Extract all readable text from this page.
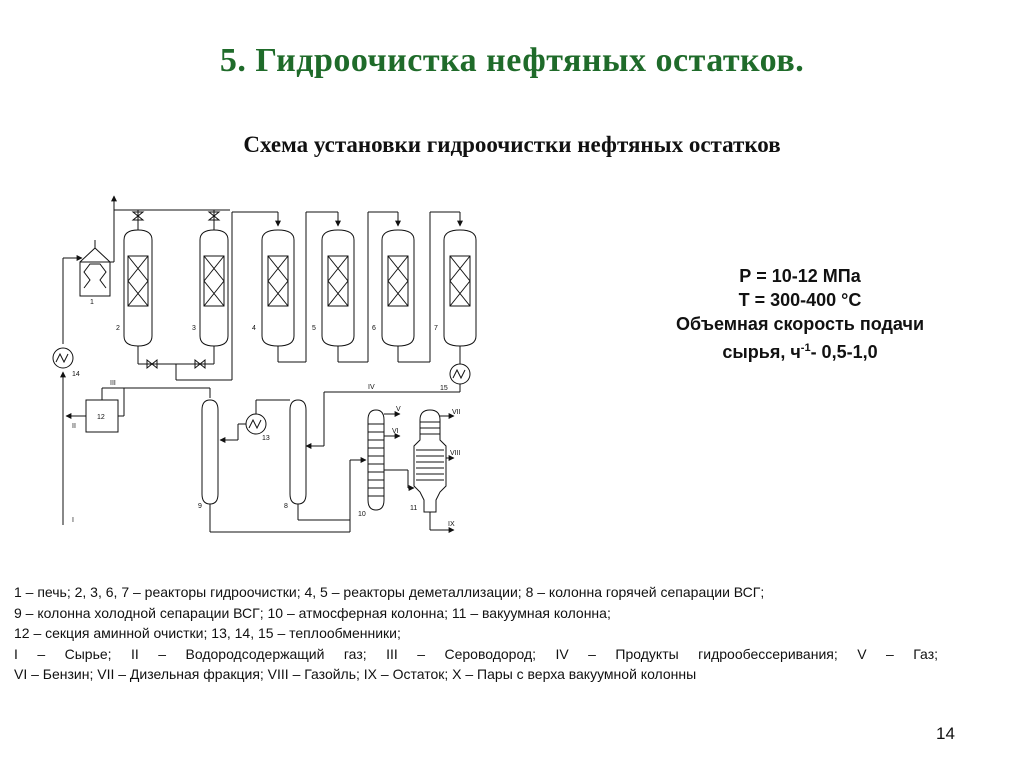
5. Гидроочистка нефтяных остатков.
Схема установки гидроочистки нефтяных остатков
1
2	3	4	5	6	7
8
9
10
11
12
13
14
15
I
II
III
IV
V
VI
VII
VIII
IX
Р = 10-12 МПа
Т = 300-400 °С
Объемная скорость подачи
сырья, $ч^{-1}-$ 0,5-1,0
1 – печь; 2, 3, 6, 7 – реакторы гидроочистки; 4, 5 – реакторы деметаллизации; 8 – колонна горячей сепарации ВСГ;
9 – колонна холодной сепарации ВСГ; 10 – атмосферная колонна; 11 – вакуумная колонна;
12 – секция аминной очистки; 13, 14, 15 – теплообменники;
I – Сырье; II – Водородсодержащий газ; III – Сероводород; IV – Продукты гидрообессеривания; V – Газ;
VI – Бензин; VII – Дизельная фракция; VIII – Газойль; IX – Остаток; X – Пары с верха вакуумной колонны
14
